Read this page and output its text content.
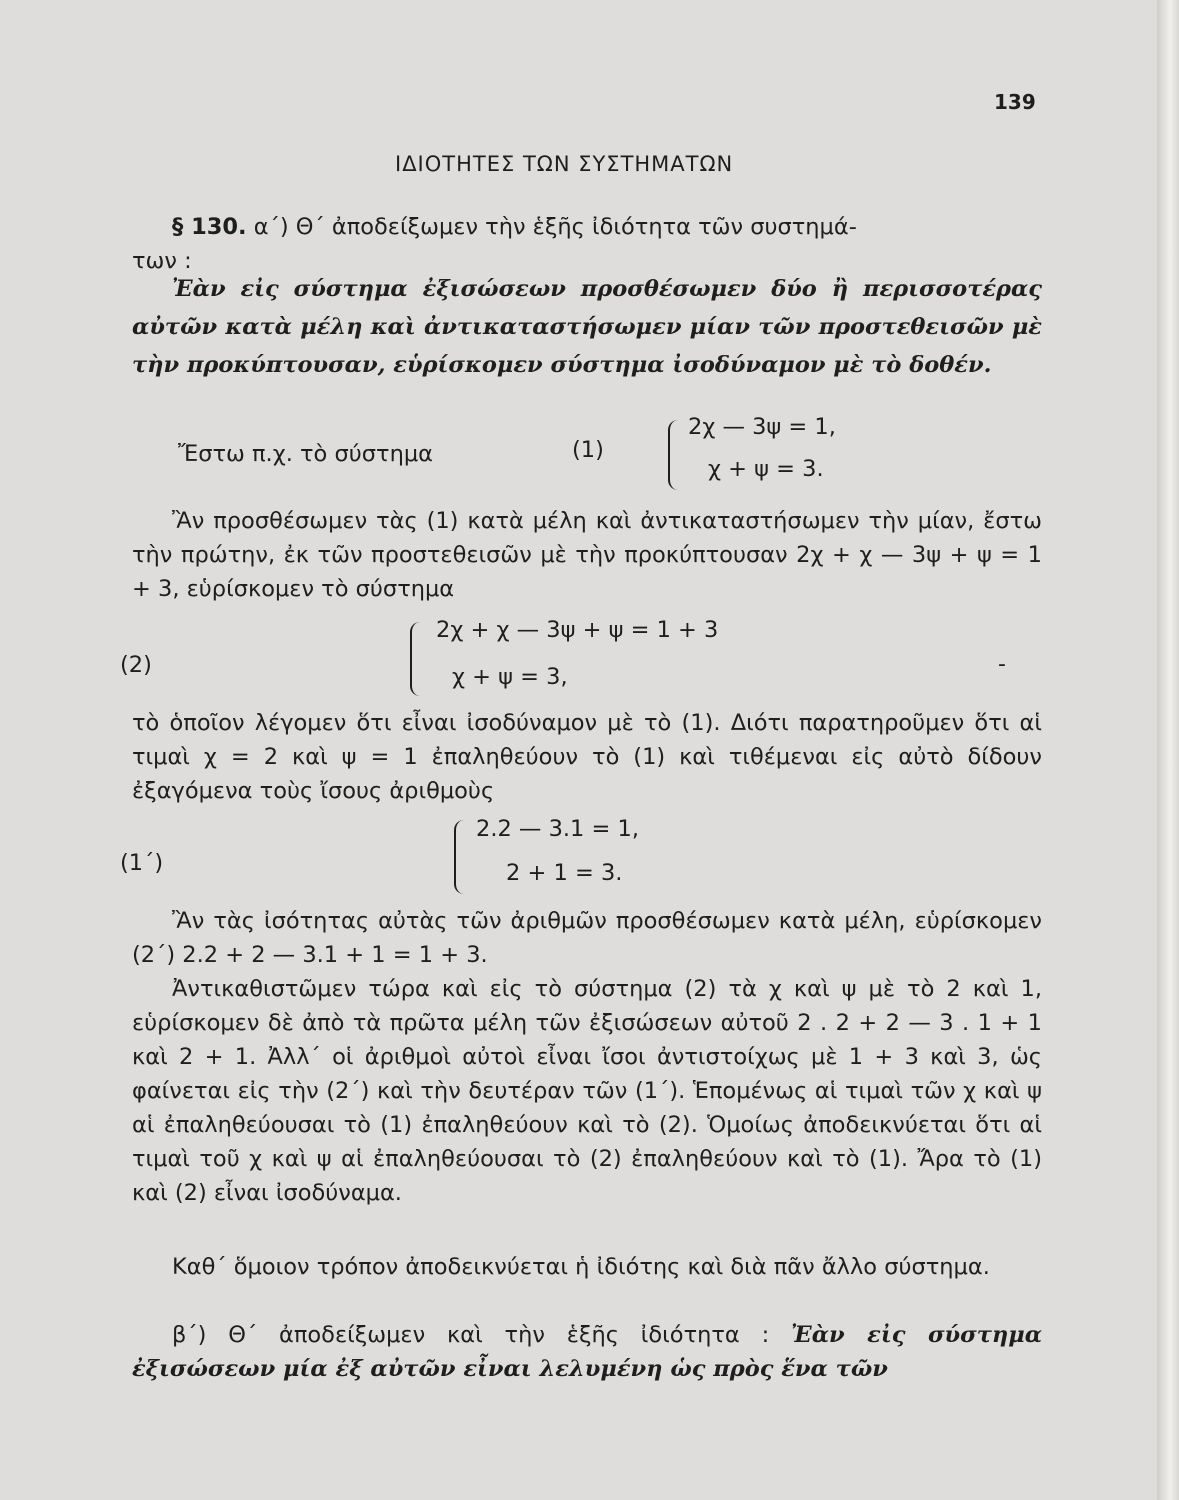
139
ΙΔΙΟΤΗΤΕΣ ΤΩΝ ΣΥΣΤΗΜΑΤΩΝ

§ 130. α΄) Θ΄ ἀποδείξωμεν τὴν ἑξῆς ἰδιότητα τῶν συστημά-

των :

Ἐὰν εἰς σύστημα ἐξισώσεων προσθέσωμεν δύο ἢ περισσοτέρας αὐτῶν κατὰ μέλη καὶ ἀντικαταστήσωμεν μίαν τῶν προστεθεισῶν μὲ τὴν προκύπτουσαν, εὑρίσκομεν σύστημα ἰσοδύναμον μὲ τὸ δοθέν.

Ἔστω π.χ. τὸ σύστημα	(1)
2χ — 3ψ = 1,
χ + ψ = 3.

Ἂν προσθέσωμεν τὰς (1) κατὰ μέλη καὶ ἀντικαταστήσωμεν τὴν μίαν, ἔστω τὴν πρώτην, ἐκ τῶν προστεθεισῶν μὲ τὴν προκύπτουσαν 2χ + χ — 3ψ + ψ = 1 + 3, εὑρίσκομεν τὸ σύστημα

(2)
2χ + χ — 3ψ + ψ = 1 + 3
χ + ψ = 3,	-

τὸ ὁποῖον λέγομεν ὅτι εἶναι ἰσοδύναμον μὲ τὸ (1). Διότι παρατηροῦμεν ὅτι αἱ τιμαὶ χ = 2 καὶ ψ = 1 ἐπαληθεύουν τὸ (1) καὶ τιθέμεναι εἰς αὐτὸ δίδουν ἐξαγόμενα τοὺς ἴσους ἀριθμοὺς

(1΄)
2.2 — 3.1 = 1,
2 + 1 = 3.

Ἂν τὰς ἰσότητας αὐτὰς τῶν ἀριθμῶν προσθέσωμεν κατὰ μέλη, εὑρίσκομεν (2΄) 2.2 + 2 — 3.1 + 1 = 1 + 3.

Ἀντικαθιστῶμεν τώρα καὶ εἰς τὸ σύστημα (2) τὰ χ καὶ ψ μὲ τὸ 2 καὶ 1, εὑρίσκομεν δὲ ἀπὸ τὰ πρῶτα μέλη τῶν ἐξισώσεων αὐτοῦ 2 . 2 + 2 — 3 . 1 + 1 καὶ 2 + 1. Ἀλλ΄ οἱ ἀριθμοὶ αὐτοὶ εἶναι ἴσοι ἀντιστοίχως μὲ 1 + 3 καὶ 3, ὡς φαίνεται εἰς τὴν (2΄) καὶ τὴν δευτέραν τῶν (1΄). Ἑπομένως αἱ τιμαὶ τῶν χ καὶ ψ αἱ ἐπαληθεύουσαι τὸ (1) ἐπαληθεύουν καὶ τὸ (2). Ὁμοίως ἀποδεικνύεται ὅτι αἱ τιμαὶ τοῦ χ καὶ ψ αἱ ἐπαληθεύουσαι τὸ (2) ἐπαληθεύουν καὶ τὸ (1). Ἄρα τὸ (1) καὶ (2) εἶναι ἰσοδύναμα.

Καθ΄ ὅμοιον τρόπον ἀποδεικνύεται ἡ ἰδιότης καὶ διὰ πᾶν ἄλλο σύστημα.

β΄) Θ΄ ἀποδείξωμεν καὶ τὴν ἑξῆς ἰδιότητα : Ἐὰν εἰς σύστημα ἐξισώσεων μία ἐξ αὐτῶν εἶναι λελυμένη ὡς πρὸς ἕνα τῶν
